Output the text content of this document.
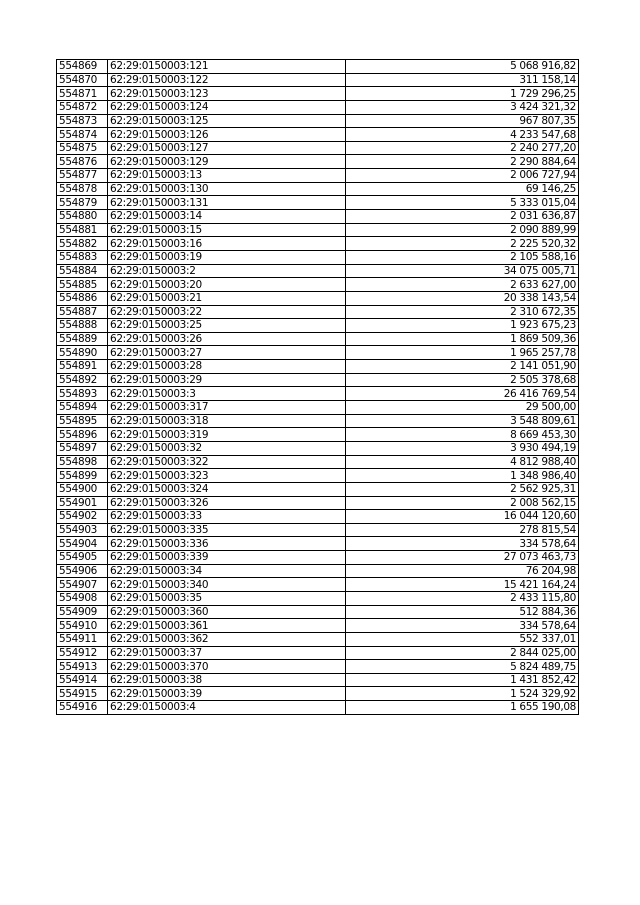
554869	62:29:0150003:121	5 068 916,82
554870	62:29:0150003:122	311 158,14
554871	62:29:0150003:123	1 729 296,25
554872	62:29:0150003:124	3 424 321,32
554873	62:29:0150003:125	967 807,35
554874	62:29:0150003:126	4 233 547,68
554875	62:29:0150003:127	2 240 277,20
554876	62:29:0150003:129	2 290 884,64
554877	62:29:0150003:13	2 006 727,94
554878	62:29:0150003:130	69 146,25
554879	62:29:0150003:131	5 333 015,04
554880	62:29:0150003:14	2 031 636,87
554881	62:29:0150003:15	2 090 889,99
554882	62:29:0150003:16	2 225 520,32
554883	62:29:0150003:19	2 105 588,16
554884	62:29:0150003:2	34 075 005,71
554885	62:29:0150003:20	2 633 627,00
554886	62:29:0150003:21	20 338 143,54
554887	62:29:0150003:22	2 310 672,35
554888	62:29:0150003:25	1 923 675,23
554889	62:29:0150003:26	1 869 509,36
554890	62:29:0150003:27	1 965 257,78
554891	62:29:0150003:28	2 141 051,90
554892	62:29:0150003:29	2 505 378,68
554893	62:29:0150003:3	26 416 769,54
554894	62:29:0150003:317	29 500,00
554895	62:29:0150003:318	3 548 809,61
554896	62:29:0150003:319	8 669 453,30
554897	62:29:0150003:32	3 930 494,19
554898	62:29:0150003:322	4 812 988,40
554899	62:29:0150003:323	1 348 986,40
554900	62:29:0150003:324	2 562 925,31
554901	62:29:0150003:326	2 008 562,15
554902	62:29:0150003:33	16 044 120,60
554903	62:29:0150003:335	278 815,54
554904	62:29:0150003:336	334 578,64
554905	62:29:0150003:339	27 073 463,73
554906	62:29:0150003:34	76 204,98
554907	62:29:0150003:340	15 421 164,24
554908	62:29:0150003:35	2 433 115,80
554909	62:29:0150003:360	512 884,36
554910	62:29:0150003:361	334 578,64
554911	62:29:0150003:362	552 337,01
554912	62:29:0150003:37	2 844 025,00
554913	62:29:0150003:370	5 824 489,75
554914	62:29:0150003:38	1 431 852,42
554915	62:29:0150003:39	1 524 329,92
554916	62:29:0150003:4	1 655 190,08
